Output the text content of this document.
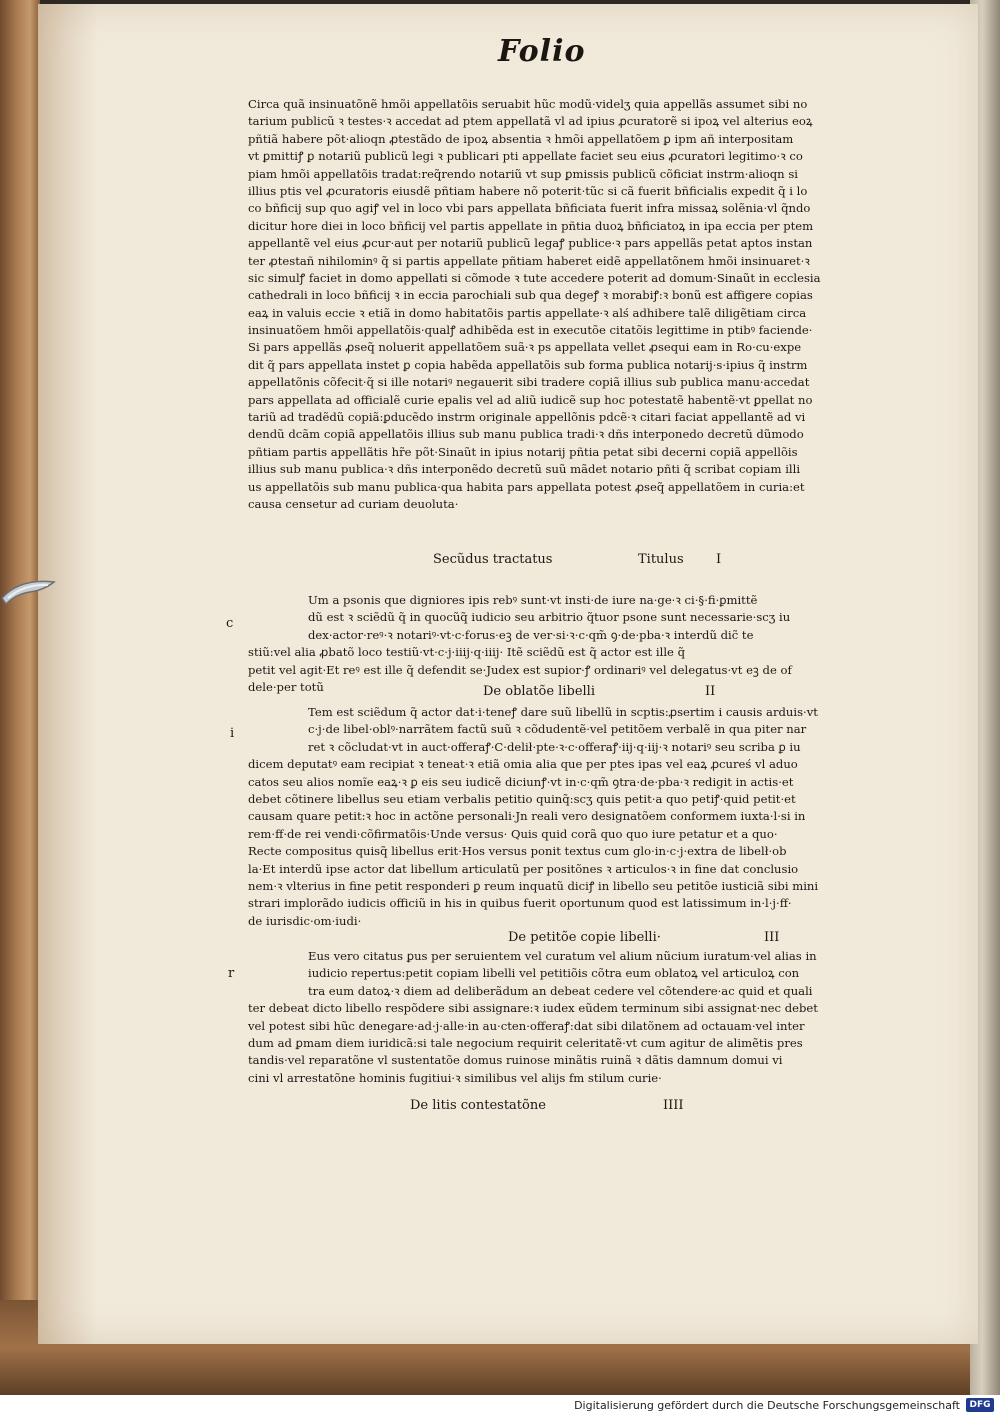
Folio
Circa quã insinuatõnẽ hmõi appellatõis seruabit hũc modũ·videlʒ quia appellãs assumet sibi no
tarium publicũ ꝛ testes·ꝛ accedat ad ptem appellatã vl ad ipius ꝓcuratorẽ si ipoꝝ vel alterius eoꝝ
pñtiã habere põt·alioqn ꝓtestãdo de ipoꝝ absentia ꝛ hmõi appellatõem ꝑ ipm añ interpositam
vt ꝑmittiꝭ ꝑ notariũ publicũ legi ꝛ publicari pti appellate faciet seu eius ꝓcuratori legitimo·ꝛ co
piam hmõi appellatõis tradat:req̃rendo notariũ vt sup ꝑmissis publicũ cõficiat instrm·alioqn si
illius ptis vel ꝓcuratoris eiusdẽ pñtiam habere nõ poterit·tũc si cã fuerit bñficialis expedit q̃ i lo
co bñficij sup quo agiꝭ vel in loco vbi pars appellata bñficiata fuerit infra missaꝝ solẽnia·vl q̃ndo
dicitur hore diei in loco bñficij vel partis appellate in pñtia duoꝝ bñficiatoꝝ in ipa eccia per ptem
appellantẽ vel eius ꝓcur·aut per notariũ publicũ legaꝭ publice·ꝛ pars appellãs petat aptos instan
ter ꝓtestañ nihilominꝰ q̃ si partis appellate pñtiam haberet eidẽ appellatõnem hmõi insinuaret·ꝛ
sic simulꝭ faciet in domo appellati si cõmode ꝛ tute accedere poterit ad domum·Sinaũt in ecclesia
cathedrali in loco bñficij ꝛ in eccia parochiali sub qua degeꝭ ꝛ morabiꝭ:ꝛ bonũ est affigere copias
eaꝝ in valuis eccie ꝛ etiã in domo habitatõis partis appellate·ꝛ alś adhibere talẽ diligẽtiam circa
insinuatõem hmõi appellatõis·qualꝭ adhibẽda est in executõe citatõis legittime in ptibꝰ faciende·
Si pars appellãs ꝓseq̃ noluerit appellatõem suã·ꝛ ps appellata vellet ꝓsequi eam in Ro·cu·expe
dit q̃ pars appellata instet ꝑ copia habẽda appellatõis sub forma publica notarij·s·ipius q̃ instrm
appellatõnis cõfecit·q̃ si ille notariꝰ negauerit sibi tradere copiã illius sub publica manu·accedat
pars appellata ad officialẽ curie epalis vel ad aliũ iudicẽ sup hoc potestatẽ habentẽ·vt ꝑpellat no
tariũ ad tradẽdũ copiã:ꝑducẽdo instrm originale appellõnis pdcẽ·ꝛ citari faciat appellantẽ ad vi
dendũ dcãm copiã appellatõis illius sub manu publica tradi·ꝛ dñs interponedo decretũ dũmodo
pñtiam partis appellãtis hr̃e põt·Sinaũt in ipius notarij pñtia petat sibi decerni copiã appellõis
illius sub manu publica·ꝛ dñs interponẽdo decretũ suũ mãdet notario pñti q̃ scribat copiam illi
us appellatõis sub manu publica·qua habita pars appellata potest ꝓseq̃ appellatõem in curia:et
causa censetur ad curiam deuoluta·
c
Secũdus tractatus	Titulus I
Um a psonis que digniores ipis rebꝰ sunt·vt insti·de iure na·ge·ꝛ ci·§·fi·ꝑmittẽ
dũ est ꝛ sciẽdũ q̃ in quocũq̃ iudicio seu arbitrio q̃tuor psone sunt necessarie·scʒ iu
dex·actor·reꝰ·ꝛ notariꝰ·vt·c·forus·eꝫ de ver·si·ꝛ·c·qm̃ ꝯ·de·pba·ꝛ interdũ dic̃ te
stiũ:vel alia ꝓbatõ loco testiũ·vt·c·j·iiij·q·iiij· Itẽ sciẽdũ est q̃ actor est ille q̃
petit vel agit·Et reꝰ est ille q̃ defendit se·Judex est supior·ꝭ ordinariꝰ vel delegatus·vt eꝫ de of
dele·per totũ	De oblatõe libelli	II
i
Tem est sciẽdum q̃ actor dat·i·teneꝭ dare suũ libellũ in scptis:ꝓsertim i causis arduis·vt
c·j·de libel·oblꝰ·narrãtem factũ suũ ꝛ cõdudentẽ·vel petitõem verbalẽ in qua piter nar
ret ꝛ cõcludat·vt in auct·offeraꝭ·C·delił·pte·ꝛ·c·offeraꝭ·iij·q·iij·ꝛ notariꝰ seu scriba ꝑ iu
dicem deputatꝰ eam recipiat ꝛ teneat·ꝛ etiã omia alia que per ptes ipas vel eaꝝ ꝓcureś vl aduo
catos seu alios nomĩe eaꝝ·ꝛ ꝑ eis seu iudicẽ diciunꝭ·vt in·c·qm̃ ꝯtra·de·pba·ꝛ redigit in actis·et
debet cõtinere libellus seu etiam verbalis petitio quinq̃:scʒ quis petit·a quo petiꝭ·quid petit·et
causam quare petit:ꝛ hoc in actõne personali·Jn reali vero designatõem conformem iuxta·l·si in
rem·ff·de rei vendi·cõfirmatõis·Unde versus· Quis quid corã quo quo iure petatur et a quo·
Recte compositus quisq̃ libellus erit·Hos versus ponit textus cum glo·in·c·j·extra de libelł·ob
la·Et interdũ ipse actor dat libellum articulatũ per positõnes ꝛ articulos·ꝛ in fine dat conclusio
nem·ꝛ vlterius in fine petit responderi ꝑ reum inquatũ diciꝭ in libello seu petitõe iusticiã sibi mini
strari implorãdo iudicis officiũ in his in quibus fuerit oportunum quod est latissimum in·l·j·ff·
de iurisdic·om·iudi·
De petitõe copie libelli·	III
r
Eus vero citatus ꝑus per seruientem vel curatum vel alium nũcium iuratum·vel alias in
iudicio repertus:petit copiam libelli vel petitiõis cõtra eum oblatoꝝ vel articuloꝝ con
tra eum datoꝝ·ꝛ diem ad deliberãdum an debeat cedere vel cõtendere·ac quid et quali
ter debeat dicto libello respõdere sibi assignare:ꝛ iudex eũdem terminum sibi assignat·nec debet
vel potest sibi hũc denegare·ad·j·alle·in au·cten·offeraꝭ:dat sibi dilatõnem ad octauam·vel inter
dum ad ꝑmam diem iuridicã:si tale negocium requirit celeritatẽ·vt cum agitur de alimẽtis pres
tandis·vel reparatõne vl sustentatõe domus ruinose minãtis ruinã ꝛ dãtis damnum domui vi
cini vl arrestatõne hominis fugitiui·ꝛ similibus vel alijs fm stilum curie·
De litis contestatõne	IIII
Digitalisierung gefördert durch die Deutsche Forschungsgemeinschaft	DFG
